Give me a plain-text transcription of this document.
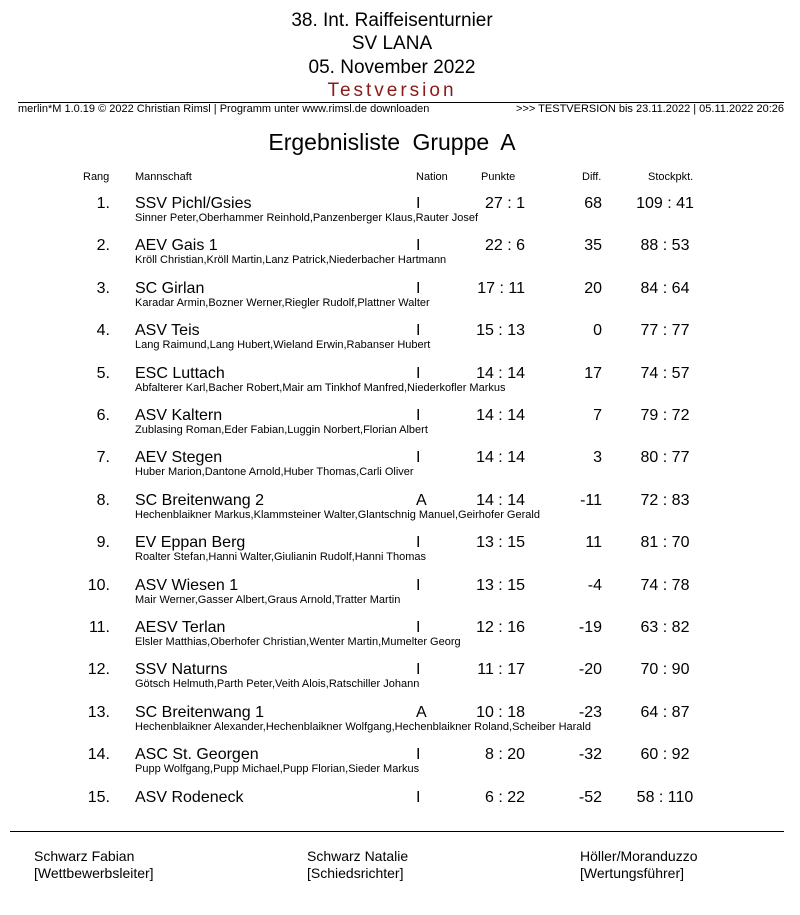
38. Int. Raiffeisenturnier
SV LANA
05. November 2022
Testversion
merlin*M 1.0.19 © 2022 Christian Rimsl | Programm unter www.rimsl.de downloaden	>>> TESTVERSION bis 23.11.2022 | 05.11.2022 20:26
Ergebnisliste Gruppe A
Rang Mannschaft	Nation	Punkte	Diff.	Stockpkt.
1. SSV Pichl/Gsies	I	27 : 1	68	109 : 41
Sinner Peter,Oberhammer Reinhold,Panzenberger Klaus,Rauter Josef
2. AEV Gais 1	I	22 : 6	35	88 : 53
Kröll Christian,Kröll Martin,Lanz Patrick,Niederbacher Hartmann
3. SC Girlan	I	17 : 11	20	84 : 64
Karadar Armin,Bozner Werner,Riegler Rudolf,Plattner Walter
4. ASV Teis	I	15 : 13	0	77 : 77
Lang Raimund,Lang Hubert,Wieland Erwin,Rabanser Hubert
5. ESC Luttach	I	14 : 14	17	74 : 57
Abfalterer Karl,Bacher Robert,Mair am Tinkhof Manfred,Niederkofler Markus
6. ASV Kaltern	I	14 : 14	7	79 : 72
Zublasing Roman,Eder Fabian,Luggin Norbert,Florian Albert
7. AEV Stegen	I	14 : 14	3	80 : 77
Huber Marion,Dantone Arnold,Huber Thomas,Carli Oliver
8. SC Breitenwang 2	A	14 : 14	-11	72 : 83
Hechenblaikner Markus,Klammsteiner Walter,Glantschnig Manuel,Geirhofer Gerald
9. EV Eppan Berg	I	13 : 15	11	81 : 70
Roalter Stefan,Hanni Walter,Giulianin Rudolf,Hanni Thomas
10. ASV Wiesen 1	I	13 : 15	-4	74 : 78
Mair Werner,Gasser Albert,Graus Arnold,Tratter Martin
11. AESV Terlan	I	12 : 16	-19	63 : 82
Elsler Matthias,Oberhofer Christian,Wenter Martin,Mumelter Georg
12. SSV Naturns	I	11 : 17	-20	70 : 90
Götsch Helmuth,Parth Peter,Veith Alois,Ratschiller Johann
13. SC Breitenwang 1	A	10 : 18	-23	64 : 87
Hechenblaikner Alexander,Hechenblaikner Wolfgang,Hechenblaikner Roland,Scheiber Harald
14. ASC St. Georgen	I	8 : 20	-32	60 : 92
Pupp Wolfgang,Pupp Michael,Pupp Florian,Sieder Markus
15. ASV Rodeneck	I	6 : 22	-52	58 : 110
Schwarz Fabian
[Wettbewerbsleiter]
Schwarz Natalie
[Schiedsrichter]
Höller/Moranduzzo
[Wertungsführer]
